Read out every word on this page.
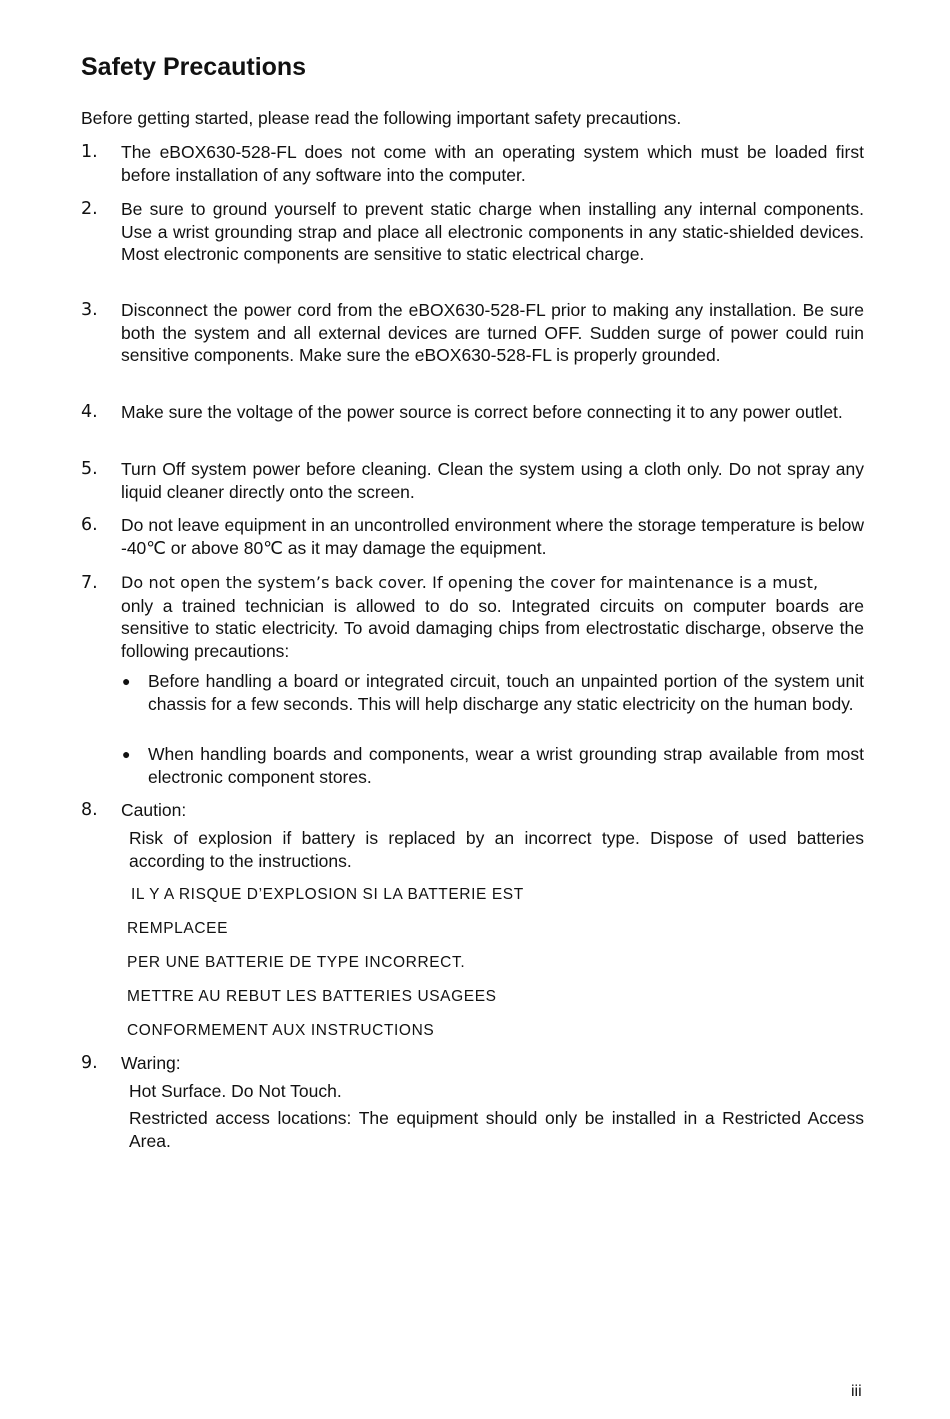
Safety Precautions

Before getting started, please read the following important safety precautions.

1. The eBOX630-528-FL does not come with an operating system which must be loaded first before installation of any software into the computer.
2. Be sure to ground yourself to prevent static charge when installing any internal components. Use a wrist grounding strap and place all electronic components in any static-shielded devices. Most electronic components are sensitive to static electrical charge.
3. Disconnect the power cord from the eBOX630-528-FL prior to making any installation. Be sure both the system and all external devices are turned OFF. Sudden surge of power could ruin sensitive components. Make sure the eBOX630-528-FL is properly grounded.
4. Make sure the voltage of the power source is correct before connecting it to any power outlet.
5. Turn Off system power before cleaning. Clean the system using a cloth only. Do not spray any liquid cleaner directly onto the screen.
6. Do not leave equipment in an uncontrolled environment where the storage temperature is below -40℃ or above 80℃ as it may damage the equipment.
7. Do not open the system’s back cover. If opening the cover for maintenance is a must,
only a trained technician is allowed to do so. Integrated circuits on computer boards are sensitive to static electricity. To avoid damaging chips from electrostatic discharge, observe the following precautions:
● Before handling a board or integrated circuit, touch an unpainted portion of the system unit chassis for a few seconds. This will help discharge any static electricity on the human body.
● When handling boards and components, wear a wrist grounding strap available from most electronic component stores.
8. Caution:
Risk of explosion if battery is replaced by an incorrect type. Dispose of used batteries according to the instructions.
IL Y A RISQUE D’EXPLOSION SI LA BATTERIE EST
REMPLACEE
PER UNE BATTERIE DE TYPE INCORRECT.
METTRE AU REBUT LES BATTERIES USAGEES
CONFORMEMENT AUX INSTRUCTIONS
9. Waring:
Hot Surface. Do Not Touch.
Restricted access locations: The equipment should only be installed in a Restricted Access Area.
iii
